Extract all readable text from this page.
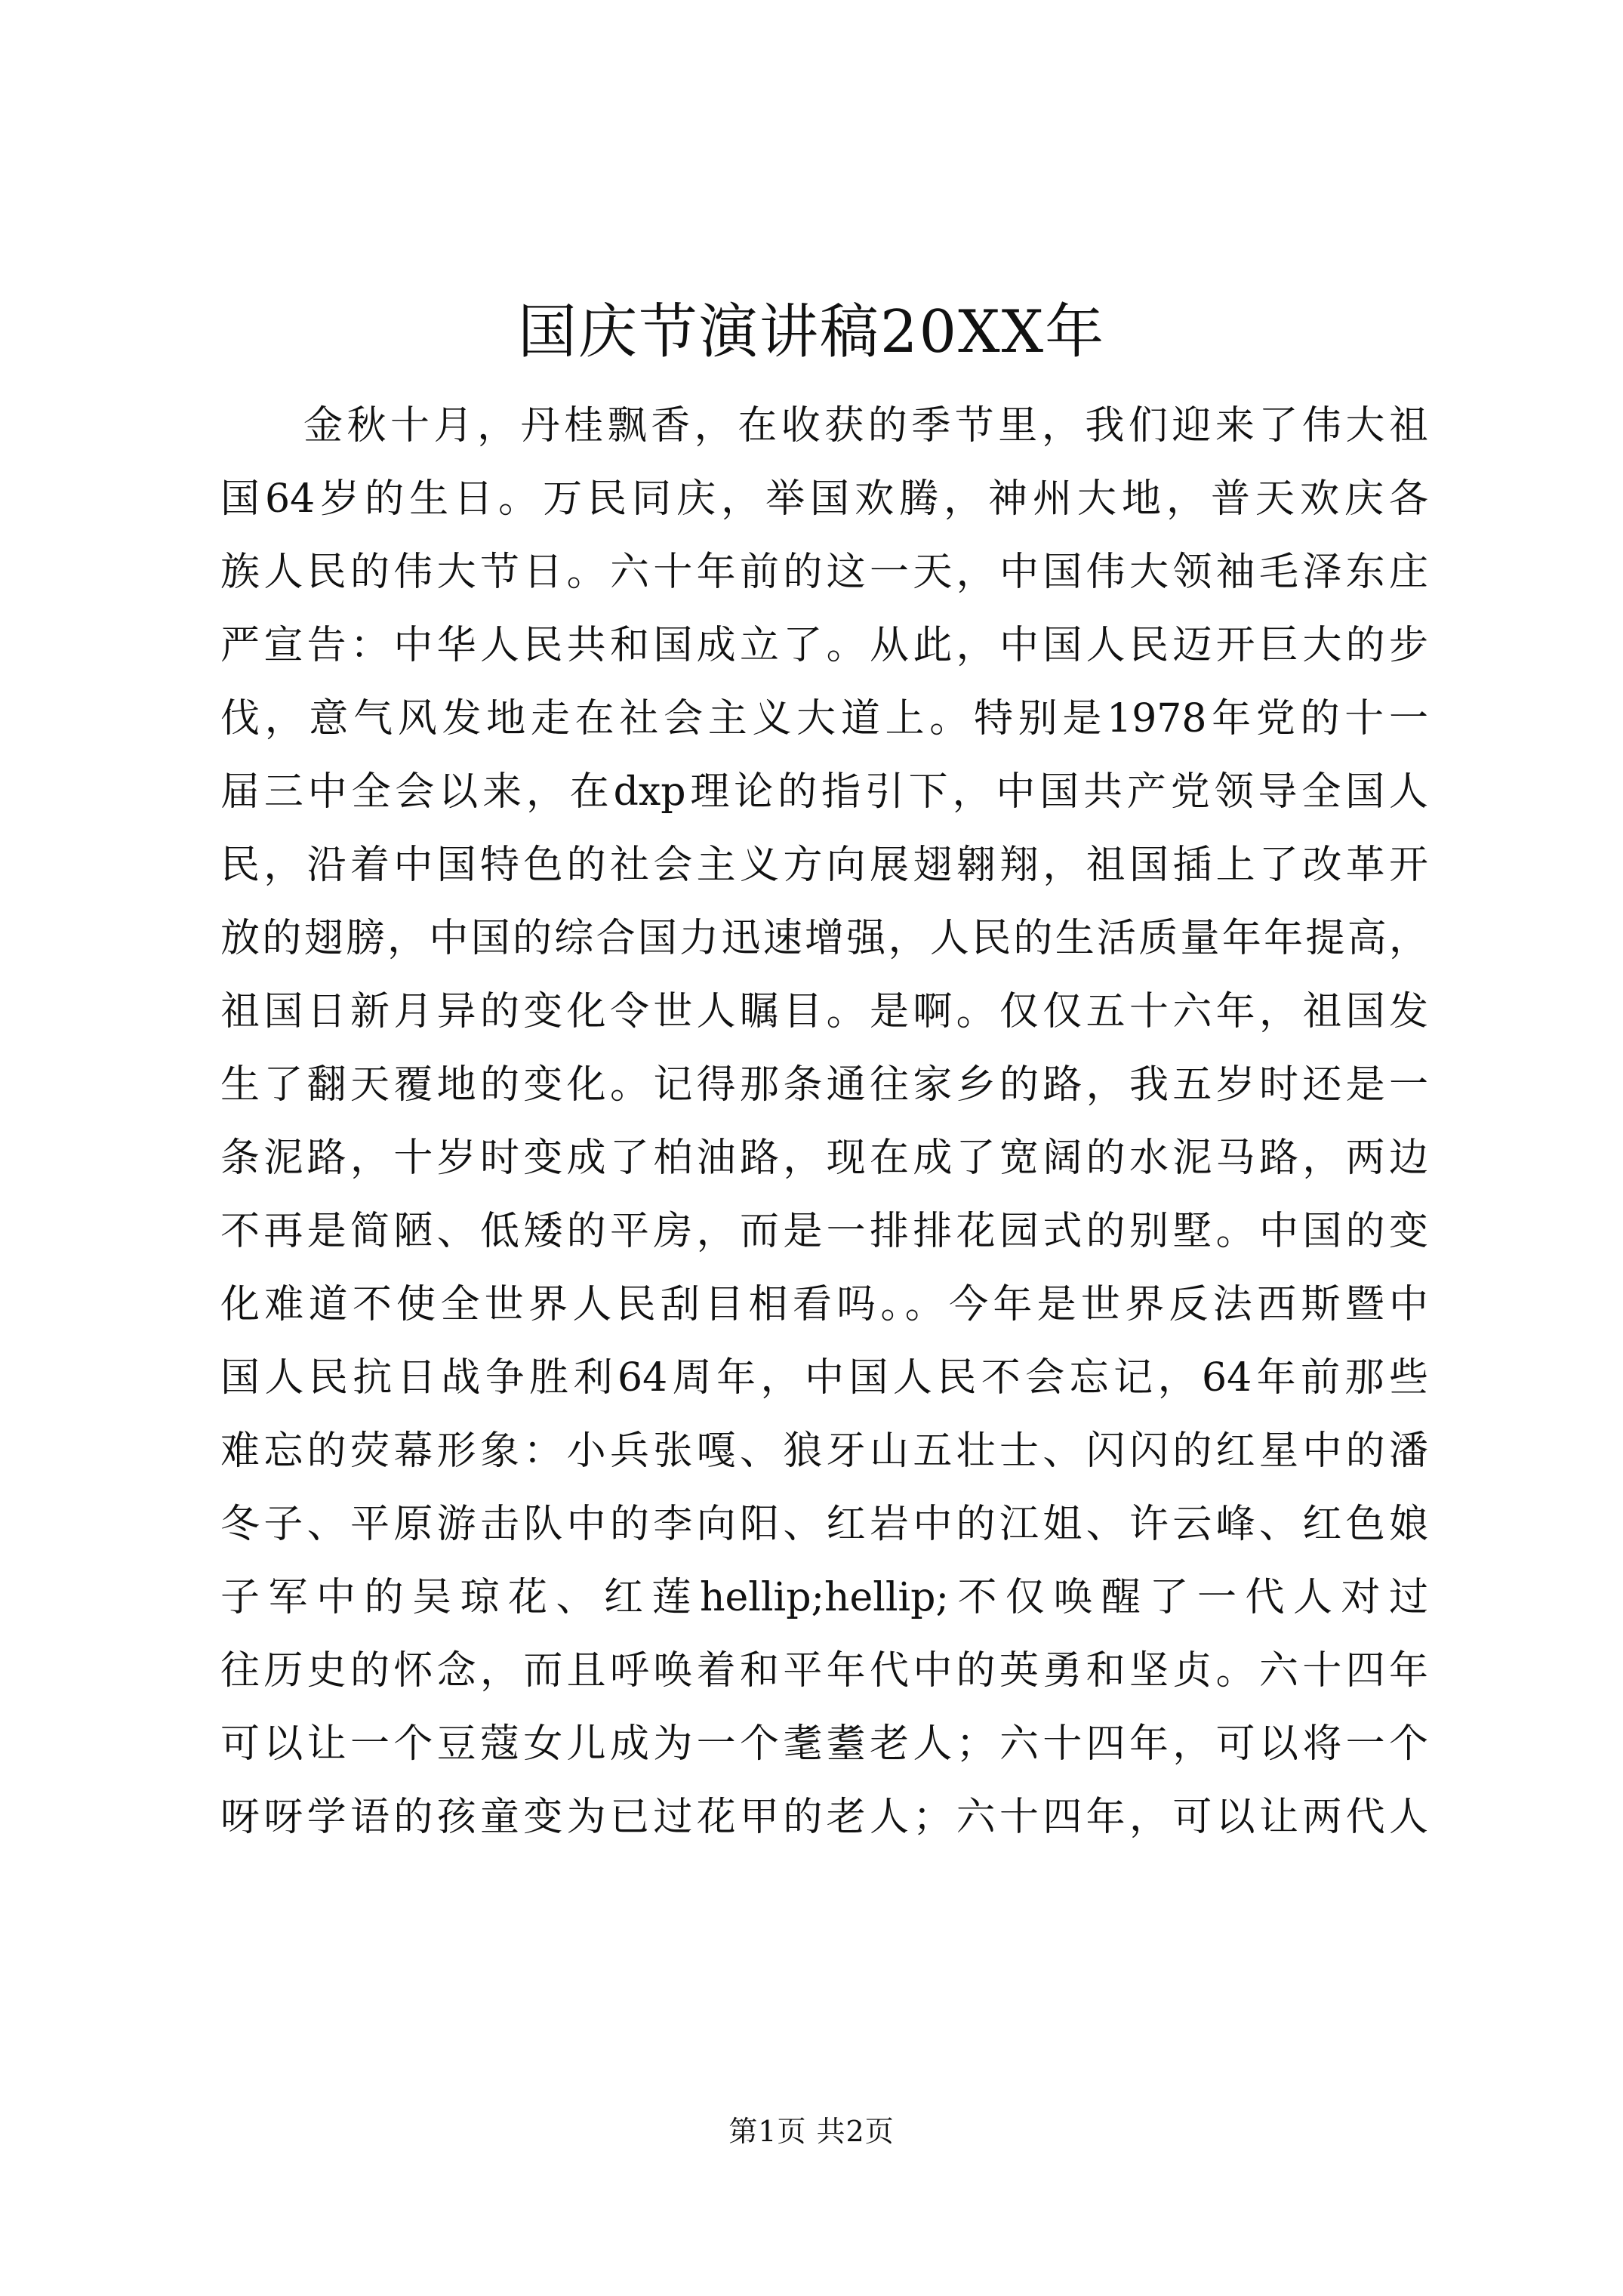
国庆节演讲稿20XX年
金秋十月，丹桂飘香，在收获的季节里，我们迎来了伟大祖
国64岁的生日。万民同庆，举国欢腾，神州大地，普天欢庆各
族人民的伟大节日。六十年前的这一天，中国伟大领袖毛泽东庄
严宣告：中华人民共和国成立了。从此，中国人民迈开巨大的步
伐，意气风发地走在社会主义大道上。特别是1978年党的十一
届三中全会以来，在dxp理论的指引下，中国共产党领导全国人
民，沿着中国特色的社会主义方向展翅翱翔，祖国插上了改革开
放的翅膀，中国的综合国力迅速增强，人民的生活质量年年提高，
祖国日新月异的变化令世人瞩目。是啊。仅仅五十六年，祖国发
生了翻天覆地的变化。记得那条通往家乡的路，我五岁时还是一
条泥路，十岁时变成了柏油路，现在成了宽阔的水泥马路，两边
不再是简陋、低矮的平房，而是一排排花园式的别墅。中国的变
化难道不使全世界人民刮目相看吗。。今年是世界反法西斯暨中
国人民抗日战争胜利64周年，中国人民不会忘记，64年前那些
难忘的荧幕形象：小兵张嘎、狼牙山五壮士、闪闪的红星中的潘
冬子、平原游击队中的李向阳、红岩中的江姐、许云峰、红色娘
子军中的吴琼花、红莲hellip;hellip;不仅唤醒了一代人对过
往历史的怀念，而且呼唤着和平年代中的英勇和坚贞。六十四年
可以让一个豆蔻女儿成为一个耄耋老人；六十四年，可以将一个
呀呀学语的孩童变为已过花甲的老人；六十四年，可以让两代人
第1页 共2页
